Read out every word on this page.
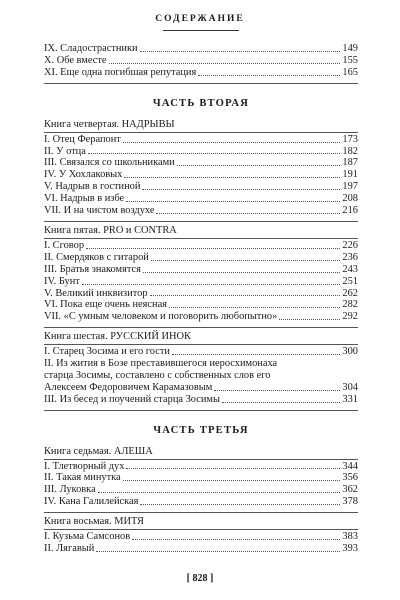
СОДЕРЖАНИЕ
IX. Сладострастники	149
X. Обе вместе	155
XI. Еще одна погибшая репутация	165
ЧАСТЬ ВТОРАЯ
Книга четвертая. НАДРЫВЫ
I. Отец Ферапонт	173
II. У отца	182
III. Связался со школьниками	187
IV. У Хохлаковых	191
V. Надрыв в гостиной	197
VI. Надрыв в избе	208
VII. И на чистом воздухе	216
Книга пятая. PRO и CONTRA
I. Сговор	226
II. Смердяков с гитарой	236
III. Братья знакомятся	243
IV. Бунт	251
V. Великий инквизитор	262
VI. Пока еще очень неясная	282
VII. «С умным человеком и поговорить любопытно»	292
Книга шестая. РУССКИЙ ИНОК
I. Старец Зосима и его гости	300
II. Из жития в Бозе преставившегося иеросхимонаха
старца Зосимы, составлено с собственных слов его
Алексеем Федоровичем Карамазовым	304
III. Из бесед и поучений старца Зосимы	331
ЧАСТЬ ТРЕТЬЯ
Книга седьмая. АЛЕША
I. Тлетворный дух	344
II. Такая минутка	356
III. Луковка	362
IV. Кана Галилейская	378
Книга восьмая. МИТЯ
I. Кузьма Самсонов	383
II. Лягавый	393
[ 828 ]
